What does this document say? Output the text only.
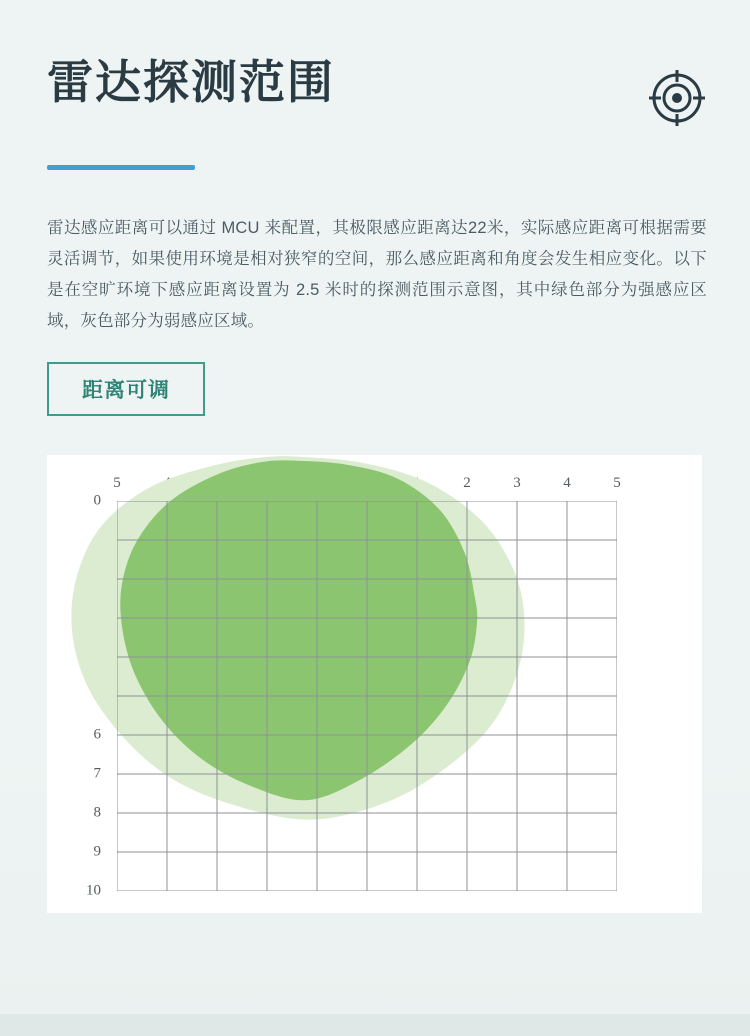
雷达探测范围

雷达感应距离可以通过 MCU 来配置，其极限感应距离达22米，实际感应距离可根据需要灵活调节，如果使用环境是相对狭窄的空间，那么感应距离和角度会发生相应变化。以下是在空旷环境下感应距离设置为 2.5 米时的探测范围示意图，其中绿色部分为强感应区域，灰色部分为弱感应区域。

距离可调
5	2	3	4	5
0
6
7
8
9
10
